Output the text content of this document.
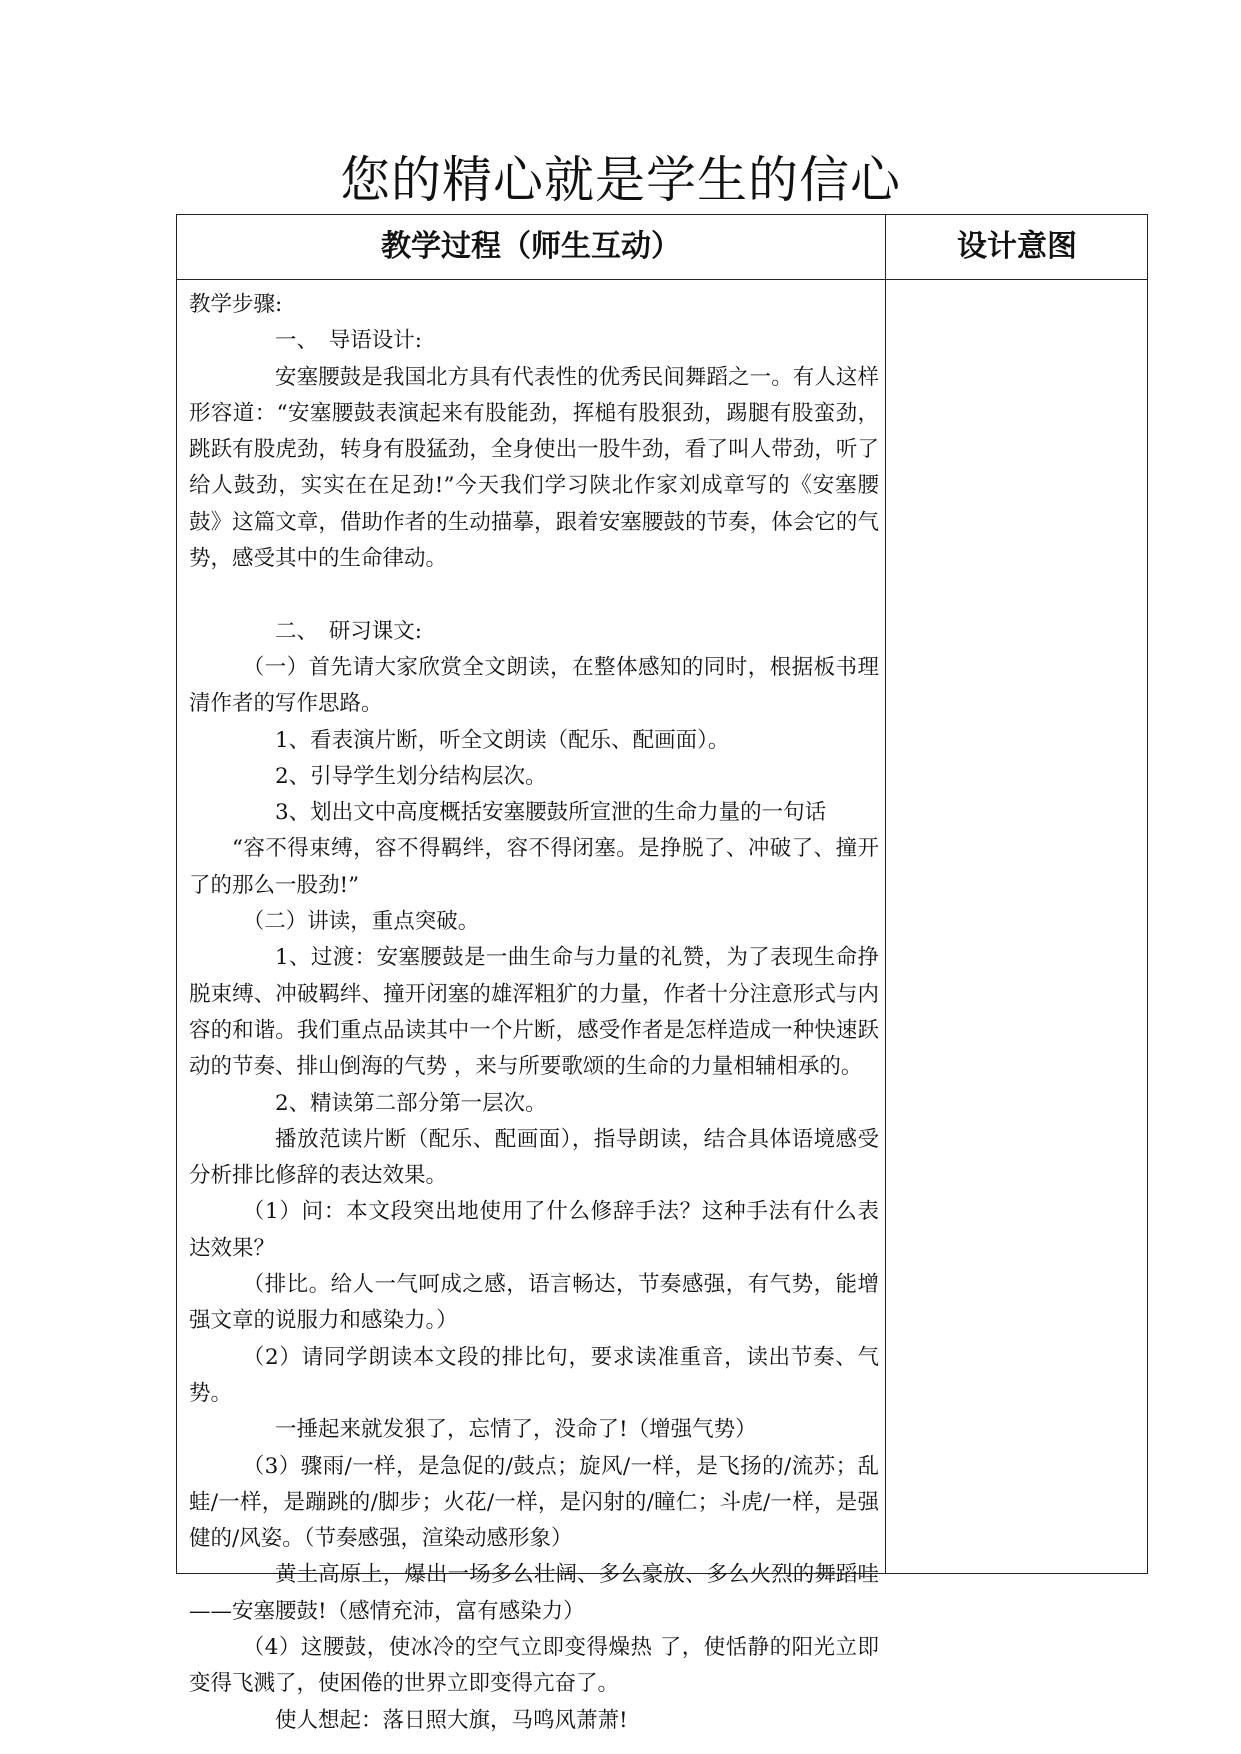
您的精心就是学生的信心
教学过程（师生互动）	设计意图

教学步骤:

一、　导语设计:

安塞腰鼓是我国北方具有代表性的优秀民间舞蹈之一。有人这样形容道：“安塞腰鼓表演起来有股能劲，挥槌有股狠劲，踢腿有股蛮劲，跳跃有股虎劲，转身有股猛劲，全身使出一股牛劲，看了叫人带劲，听了给人鼓劲，实实在在足劲!”今天我们学习陕北作家刘成章写的《安塞腰鼓》这篇文章，借助作者的生动描摹，跟着安塞腰鼓的节奏，体会它的气势，感受其中的生命律动。

二、　研习课文:

（一）首先请大家欣赏全文朗读，在整体感知的同时，根据板书理清作者的写作思路。

1、看表演片断，听全文朗读（配乐、配画面）。

2、引导学生划分结构层次。

3、划出文中高度概括安塞腰鼓所宣泄的生命力量的一句话

“容不得束缚，容不得羁绊，容不得闭塞。是挣脱了、冲破了、撞开了的那么一股劲!”

（二）讲读，重点突破。

1、过渡：安塞腰鼓是一曲生命与力量的礼赞，为了表现生命挣脱束缚、冲破羁绊、撞开闭塞的雄浑粗犷的力量，作者十分注意形式与内容的和谐。我们重点品读其中一个片断，感受作者是怎样造成一种快速跃动的节奏、排山倒海的气势 ，来与所要歌颂的生命的力量相辅相承的。

2、精读第二部分第一层次。

播放范读片断（配乐、配画面），指导朗读，结合具体语境感受分析排比修辞的表达效果。

（1）问：本文段突出地使用了什么修辞手法？这种手法有什么表达效果？

（排比。给人一气呵成之感，语言畅达，节奏感强，有气势，能增强文章的说服力和感染力。）

（2）请同学朗读本文段的排比句，要求读准重音，读出节奏、气势。

一捶起来就发狠了，忘情了，没命了!（增强气势）

（3）骤雨/一样，是急促的/鼓点；旋风/一样，是飞扬的/流苏；乱蛙/一样，是蹦跳的/脚步；火花/一样，是闪射的/瞳仁；斗虎/一样，是强健的/风姿。（节奏感强，渲染动感形象）

黄土高原上，爆出一场多么壮阔、多么豪放、多么火烈的舞蹈哇——安塞腰鼓!（感情充沛，富有感染力）

（4）这腰鼓，使冰冷的空气立即变得燥热 了，使恬静的阳光立即变得飞溅了，使困倦的世界立即变得亢奋了。

使人想起：落日照大旗，马鸣风萧萧!
